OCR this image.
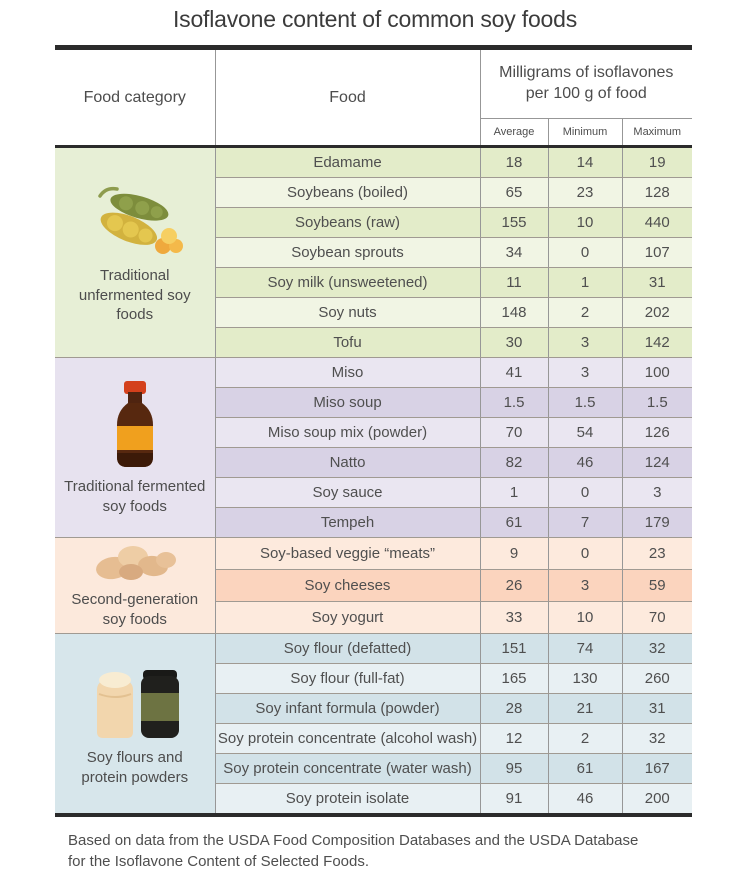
Isoflavone content of common soy foods
Food category	Food	Milligrams of isoflavones per 100 g of food		
		Average	Minimum	Maximum

Traditional unfermented soy foods	Edamame	18	14	19
	Soybeans (boiled)	65	23	128
	Soybeans (raw)	155	10	440
	Soybean sprouts	34	0	107
	Soy milk (unsweetened)	11	1	31
	Soy nuts	148	2	202
	Tofu	30	3	142

Traditional fermented soy foods	Miso	41	3	100
	Miso soup	1.5	1.5	1.5
	Miso soup mix (powder)	70	54	126
	Natto	82	46	124
	Soy sauce	1	0	3
	Tempeh	61	7	179

Second-generation soy foods	Soy-based veggie “meats”	9	0	23
	Soy cheeses	26	3	59
	Soy yogurt	33	10	70

Soy flours and protein powders	Soy flour (defatted)	151	74	32
	Soy flour (full-fat)	165	130	260
	Soy infant formula (powder)	28	21	31
	Soy protein concentrate (alcohol wash)	12	2	32
	Soy protein concentrate (water wash)	95	61	167
	Soy protein isolate	91	46	200

Based on data from the USDA Food Composition Databases and the USDA Database for the Isoflavone Content of Selected Foods.
